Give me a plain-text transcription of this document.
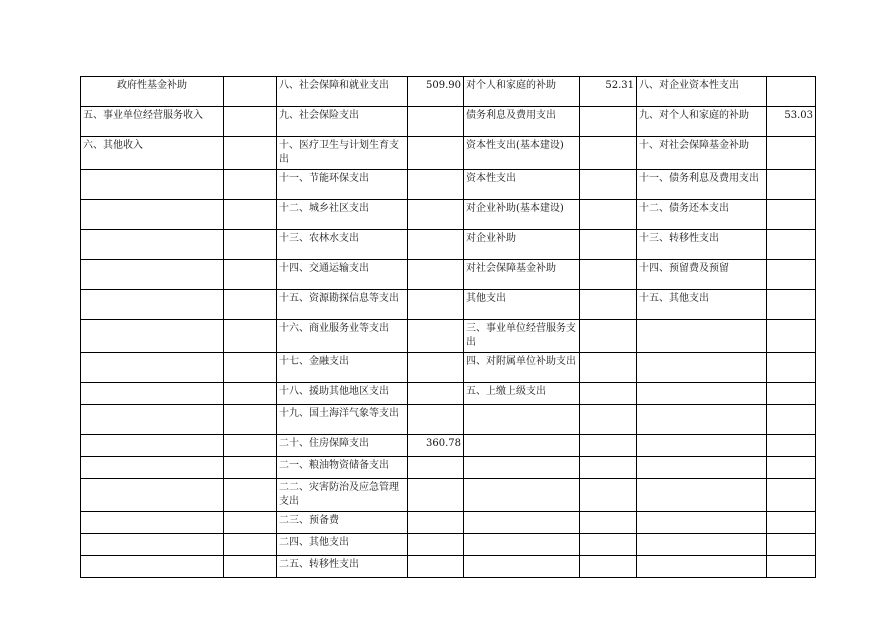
政府性基金补助		八、社会保障和就业支出	509.90	对个人和家庭的补助	52.31	八、对企业资本性支出	
五、事业单位经营服务收入		九、社会保险支出		债务利息及费用支出		九、对个人和家庭的补助	53.03
六、其他收入		十、医疗卫生与计划生育支出		资本性支出(基本建设)		十、对社会保障基金补助	
		十一、节能环保支出		资本性支出		十一、债务利息及费用支出	
		十二、城乡社区支出		对企业补助(基本建设)		十二、债务还本支出	
		十三、农林水支出		对企业补助		十三、转移性支出	
		十四、交通运输支出		对社会保障基金补助		十四、预留费及预留	
		十五、资源勘探信息等支出		其他支出		十五、其他支出	
		十六、商业服务业等支出		三、事业单位经营服务支出			
		十七、金融支出		四、对附属单位补助支出			
		十八、援助其他地区支出		五、上缴上级支出			
		十九、国土海洋气象等支出					
		二十、住房保障支出	360.78				
		二一、粮油物资储备支出					
		二二、灾害防治及应急管理支出					
		二三、预备费					
		二四、其他支出					
		二五、转移性支出					
